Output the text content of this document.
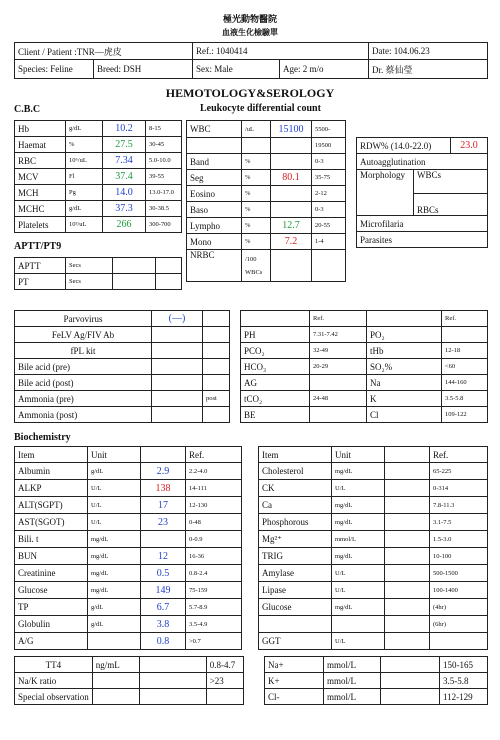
極光動物醫院
血液生化檢驗單
Client / Patient :TNR—虎皮		Ref.: 1040414		Date: 104.06.23
Species: Feline	Breed: DSH	Sex: Male	Age: 2 m/o	Dr. 蔡仙瑩
HEMOTOLOGY&SEROLOGY
C.B.C	Leukocyte differential count
Hb	g/dL	10.2	8-15
Haemat	%	27.5	30-45
RBC	10⁶/uL	7.34	5.0-10.0
MCV	Fl	37.4	39-55
MCH	Pg	14.0	13.0-17.0
MCHC	g/dL	37.3	30-38.5
Platelets	10³/uL	266	300-700
WBC	/uL	15100	5500-
			19500
Band	%		0-3
Seg	%	80.1	35-75
Eosino	%		2-12
Baso	%		0-3
Lympho	%	12.7	20-55
Mono	%	7.2	1-4
NRBC	/100
WBCs		

RDW% (14.0-22.0)		23.0
Autoagglutination		
Morphology	WBCs	
	RBCs	
Microfilaria		
Parasites		
APTT/PT9
APTT	Secs		
PT	Secs		
Parvovirus	(—)	
FeLV Ag/FIV Ab		
fPL kit		
Bile acid (pre)		
Bile acid (post)		
Ammonia (pre)		post
Ammonia (post)		
	Ref.		Ref.
PH	7.31-7.42	PO₂	
PCO₂	32-49	tHb	12-18
HCO₃	20-29	SO₂%	<60
AG		Na	144-160
tCO₂	24-48	K	3.5-5.8
BE		Cl	109-122
Biochemistry
Item	Unit		Ref.
Albumin	g/dL	2.9	2.2-4.0
ALKP	U/L	138	14-111
ALT(SGPT)	U/L	17	12-130
AST(SGOT)	U/L	23	0-48
Bili. t	mg/dL		0-0.9
BUN	mg/dL	12	16-36
Creatinine	mg/dL	0.5	0.8-2.4
Glucose	mg/dL	149	75-159
TP	g/dL	6.7	5.7-8.9
Globulin	g/dL	3.8	3.5-4.9
A/G		0.8	>0.7
Item	Unit		Ref.
Cholesterol	mg/dL		65-225
CK	U/L		0-314
Ca	mg/dL		7.8-11.3
Phosphorous	mg/dL		3.1-7.5
Mg²⁺	mmol/L		1.5-3.0
TRIG	mg/dL		10-100
Amylase	U/L		500-1500
Lipase	U/L		100-1400
Glucose	mg/dL		(4hr)
			(6hr)
GGT	U/L		
TT4	ng/mL		0.8-4.7
Na/K ratio			>23
Special observation			
Na+	mmol/L		150-165
K+	mmol/L		3.5-5.8
Cl-	mmol/L		112-129
